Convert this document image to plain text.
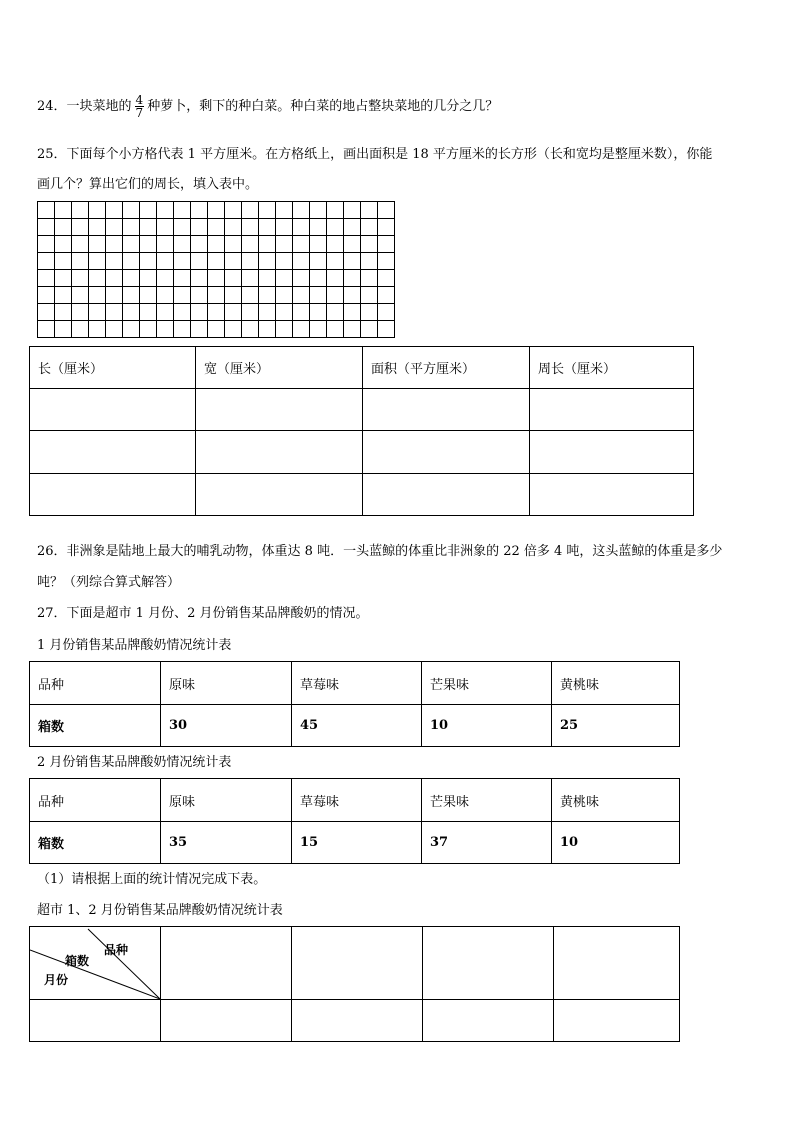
24．一块菜地的 $\frac{4}{7}$ 种萝卜，剩下的种白菜。种白菜的地占整块菜地的几分之几？
25．下面每个小方格代表 1 平方厘米。在方格纸上，画出面积是 18 平方厘米的长方形（长和宽均是整厘米数），你能
画几个？算出它们的周长，填入表中。

长（厘米）	宽（厘米）	面积（平方厘米）	周长（厘米）

26．非洲象是陆地上最大的哺乳动物，体重达 8 吨．一头蓝鲸的体重比非洲象的 22 倍多 4 吨，这头蓝鲸的体重是多少
吨？（列综合算式解答）
27．下面是超市 1 月份、2 月份销售某品牌酸奶的情况。
1 月份销售某品牌酸奶情况统计表
品种	原味	草莓味	芒果味	黄桃味
箱数	30	45	10	25
2 月份销售某品牌酸奶情况统计表
品种	原味	草莓味	芒果味	黄桃味
箱数	35	15	37	10
（1）请根据上面的统计情况完成下表。
超市 1、2 月份销售某品牌酸奶情况统计表
品种
箱数
月份				
